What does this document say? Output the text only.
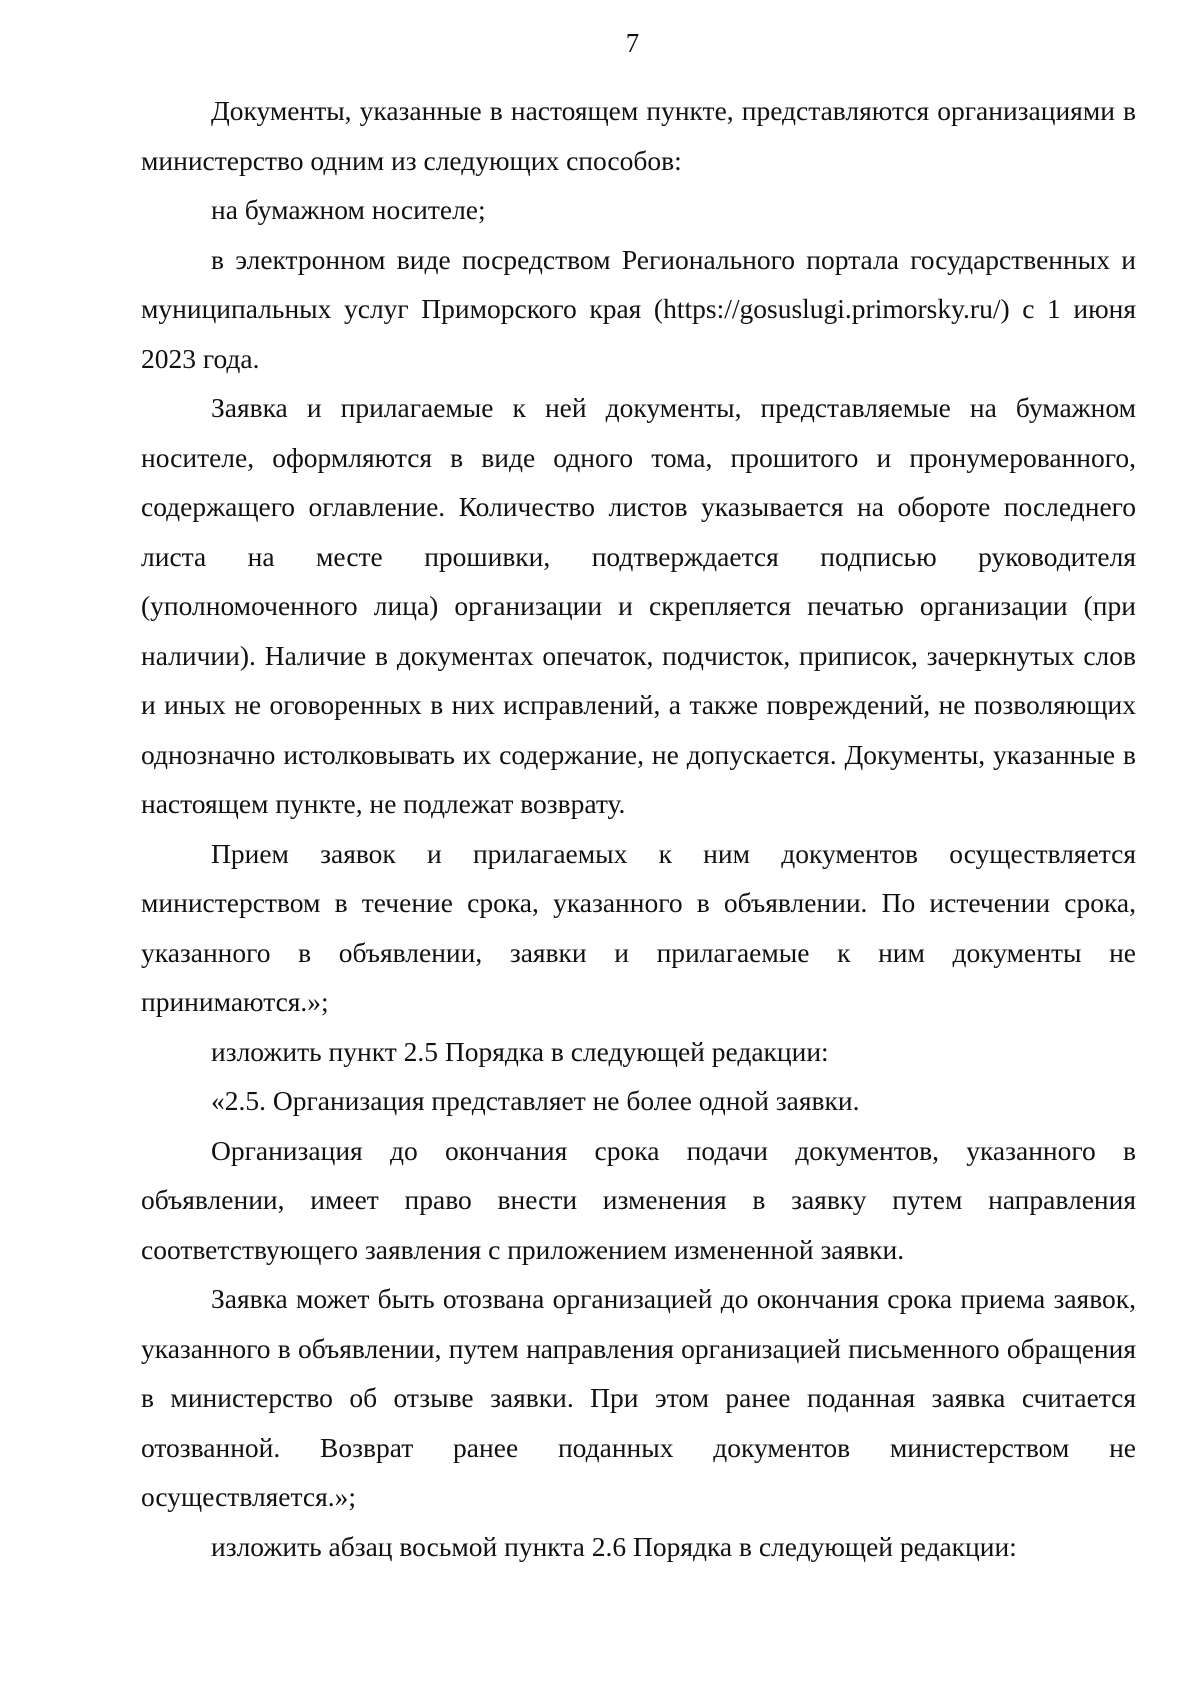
7

Документы, указанные в настоящем пункте, представляются организациями в министерство одним из следующих способов:

на бумажном носителе;

в электронном виде посредством Регионального портала государственных и муниципальных услуг Приморского края (https://gosuslugi.primorsky.ru/) с 1 июня 2023 года.

Заявка и прилагаемые к ней документы, представляемые на бумажном носителе, оформляются в виде одного тома, прошитого и пронумерованного, содержащего оглавление. Количество листов указывается на обороте последнего листа на месте прошивки, подтверждается подписью руководителя (уполномоченного лица) организации и скрепляется печатью организации (при наличии). Наличие в документах опечаток, подчисток, приписок, зачеркнутых слов и иных не оговоренных в них исправлений, а также повреждений, не позволяющих однозначно истолковывать их содержание, не допускается. Документы, указанные в настоящем пункте, не подлежат возврату.

Прием заявок и прилагаемых к ним документов осуществляется министерством в течение срока, указанного в объявлении. По истечении срока, указанного в объявлении, заявки и прилагаемые к ним документы не принимаются.»;

изложить пункт 2.5 Порядка в следующей редакции:

«2.5. Организация представляет не более одной заявки.

Организация до окончания срока подачи документов, указанного в объявлении, имеет право внести изменения в заявку путем направления соответствующего заявления с приложением измененной заявки.

Заявка может быть отозвана организацией до окончания срока приема заявок, указанного в объявлении, путем направления организацией письменного обращения в министерство об отзыве заявки. При этом ранее поданная заявка считается отозванной. Возврат ранее поданных документов министерством не осуществляется.»;

изложить абзац восьмой пункта 2.6 Порядка в следующей редакции:
